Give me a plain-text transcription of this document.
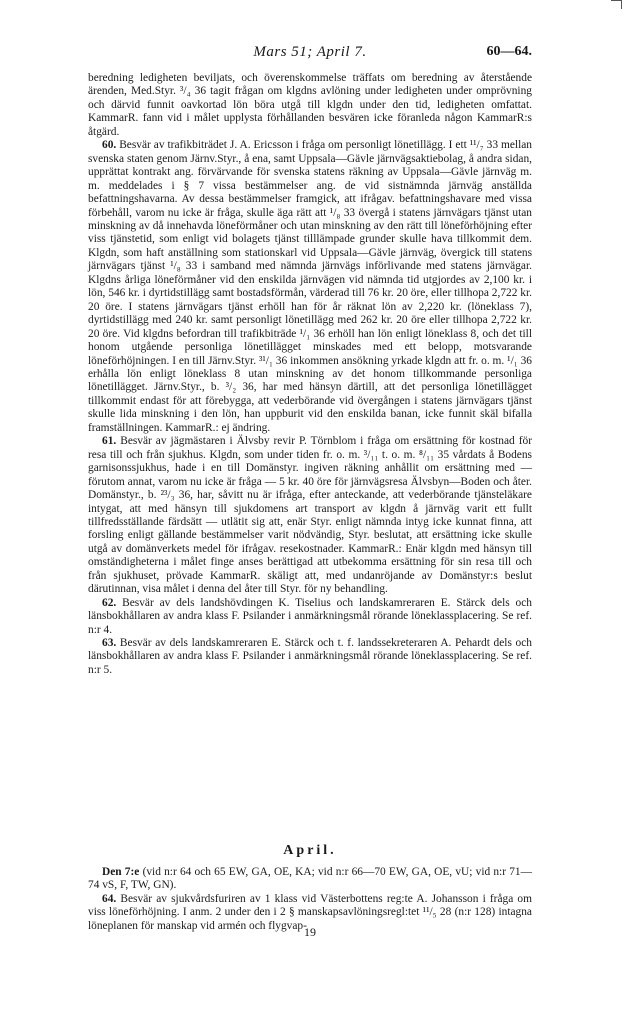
Mars 51; April 7.	60—64.

beredning ledigheten beviljats, och överenskommelse träffats om beredning av återstående ärenden, Med.Styr. ³/₄ 36 tagit frågan om klgdns avlöning under ledigheten under omprövning och därvid funnit oavkortad lön böra utgå till klgdn under den tid, ledigheten omfattat. KammarR. fann vid i målet upplysta förhållanden besvären icke föranleda någon KammarR:s åtgärd.

60. Besvär av trafikbiträdet J. A. Ericsson i fråga om personligt lönetillägg. I ett ¹¹/₇ 33 mellan svenska staten genom Järnv.Styr., å ena, samt Uppsala—Gävle järnvägsaktiebolag, å andra sidan, upprättat kontrakt ang. förvärvande för svenska statens räkning av Uppsala—Gävle järnväg m. m. meddelades i § 7 vissa bestämmelser ang. de vid sistnämnda järnväg anställda befattningshavarna. Av dessa bestämmelser framgick, att ifrågav. befattningshavare med vissa förbehåll, varom nu icke är fråga, skulle äga rätt att ¹/₈ 33 övergå i statens järnvägars tjänst utan minskning av då innehavda löneförmåner och utan minskning av den rätt till löneförhöjning efter viss tjänstetid, som enligt vid bolagets tjänst tilllämpade grunder skulle hava tillkommit dem. Klgdn, som haft anställning som stationskarl vid Uppsala—Gävle järnväg, övergick till statens järnvägars tjänst ¹/₈ 33 i samband med nämnda järnvägs införlivande med statens järnvägar. Klgdns årliga löneförmåner vid den enskilda järnvägen vid nämnda tid utgjordes av 2,100 kr. i lön, 546 kr. i dyrtidstillägg samt bostadsförmån, värderad till 76 kr. 20 öre, eller tillhopa 2,722 kr. 20 öre. I statens järnvägars tjänst erhöll han för år räknat lön av 2,220 kr. (löneklass 7), dyrtidstillägg med 240 kr. samt personligt lönetillägg med 262 kr. 20 öre eller tillhopa 2,722 kr. 20 öre. Vid klgdns befordran till trafikbiträde ¹/₁ 36 erhöll han lön enligt löneklass 8, och det till honom utgående personliga lönetillägget minskades med ett belopp, motsvarande löneförhöjningen. I en till Järnv.Styr. ³¹/₁ 36 inkommen ansökning yrkade klgdn att fr. o. m. ¹/₁ 36 erhålla lön enligt löneklass 8 utan minskning av det honom tillkommande personliga lönetillägget. Järnv.Styr., b. ³/₂ 36, har med hänsyn därtill, att det personliga lönetillägget tillkommit endast för att förebygga, att vederbörande vid övergången i statens järnvägars tjänst skulle lida minskning i den lön, han uppburit vid den enskilda banan, icke funnit skäl bifalla framställningen. KammarR.: ej ändring.

61. Besvär av jägmästaren i Älvsby revir P. Törnblom i fråga om ersättning för kostnad för resa till och från sjukhus. Klgdn, som under tiden fr. o. m. ³/₁₁ t. o. m. ⁸/₁₁ 35 vårdats å Bodens garnisonssjukhus, hade i en till Domänstyr. ingiven räkning anhållit om ersättning med — förutom annat, varom nu icke är fråga — 5 kr. 40 öre för järnvägsresa Älvsbyn—Boden och åter. Domänstyr., b. ²³/₃ 36, har, såvitt nu är ifråga, efter anteckande, att vederbörande tjänsteläkare intygat, att med hänsyn till sjukdomens art transport av klgdn å järnväg varit ett fullt tillfredsställande färdsätt — utlätit sig att, enär Styr. enligt nämnda intyg icke kunnat finna, att forsling enligt gällande bestämmelser varit nödvändig, Styr. beslutat, att ersättning icke skulle utgå av domänverkets medel för ifrågav. resekostnader. KammarR.: Enär klgdn med hänsyn till omständigheterna i målet finge anses berättigad att utbekomma ersättning för sin resa till och från sjukhuset, prövade KammarR. skäligt att, med undanröjande av Domänstyr:s beslut därutinnan, visa målet i denna del åter till Styr. för ny behandling.

62. Besvär av dels landshövdingen K. Tiselius och landskamreraren E. Stärck dels och länsbokhållaren av andra klass F. Psilander i anmärkningsmål rörande löneklassplacering. Se ref. n:r 4.

63. Besvär av dels landskamreraren E. Stärck och t. f. landssekreteraren A. Pehardt dels och länsbokhållaren av andra klass F. Psilander i anmärkningsmål rörande löneklassplacering. Se ref. n:r 5.

April.

Den 7:e (vid n:r 64 och 65 EW, GA, OE, KA; vid n:r 66—70 EW, GA, OE, vU; vid n:r 71—74 vS, F, TW, GN).

64. Besvär av sjukvårdsfuriren av 1 klass vid Västerbottens reg:te A. Johansson i fråga om viss löneförhöjning. I anm. 2 under den i 2 § manskapsavlöningsregl:tet ¹¹/₅ 28 (n:r 128) intagna löneplanen för manskap vid armén och flygvap-

19
